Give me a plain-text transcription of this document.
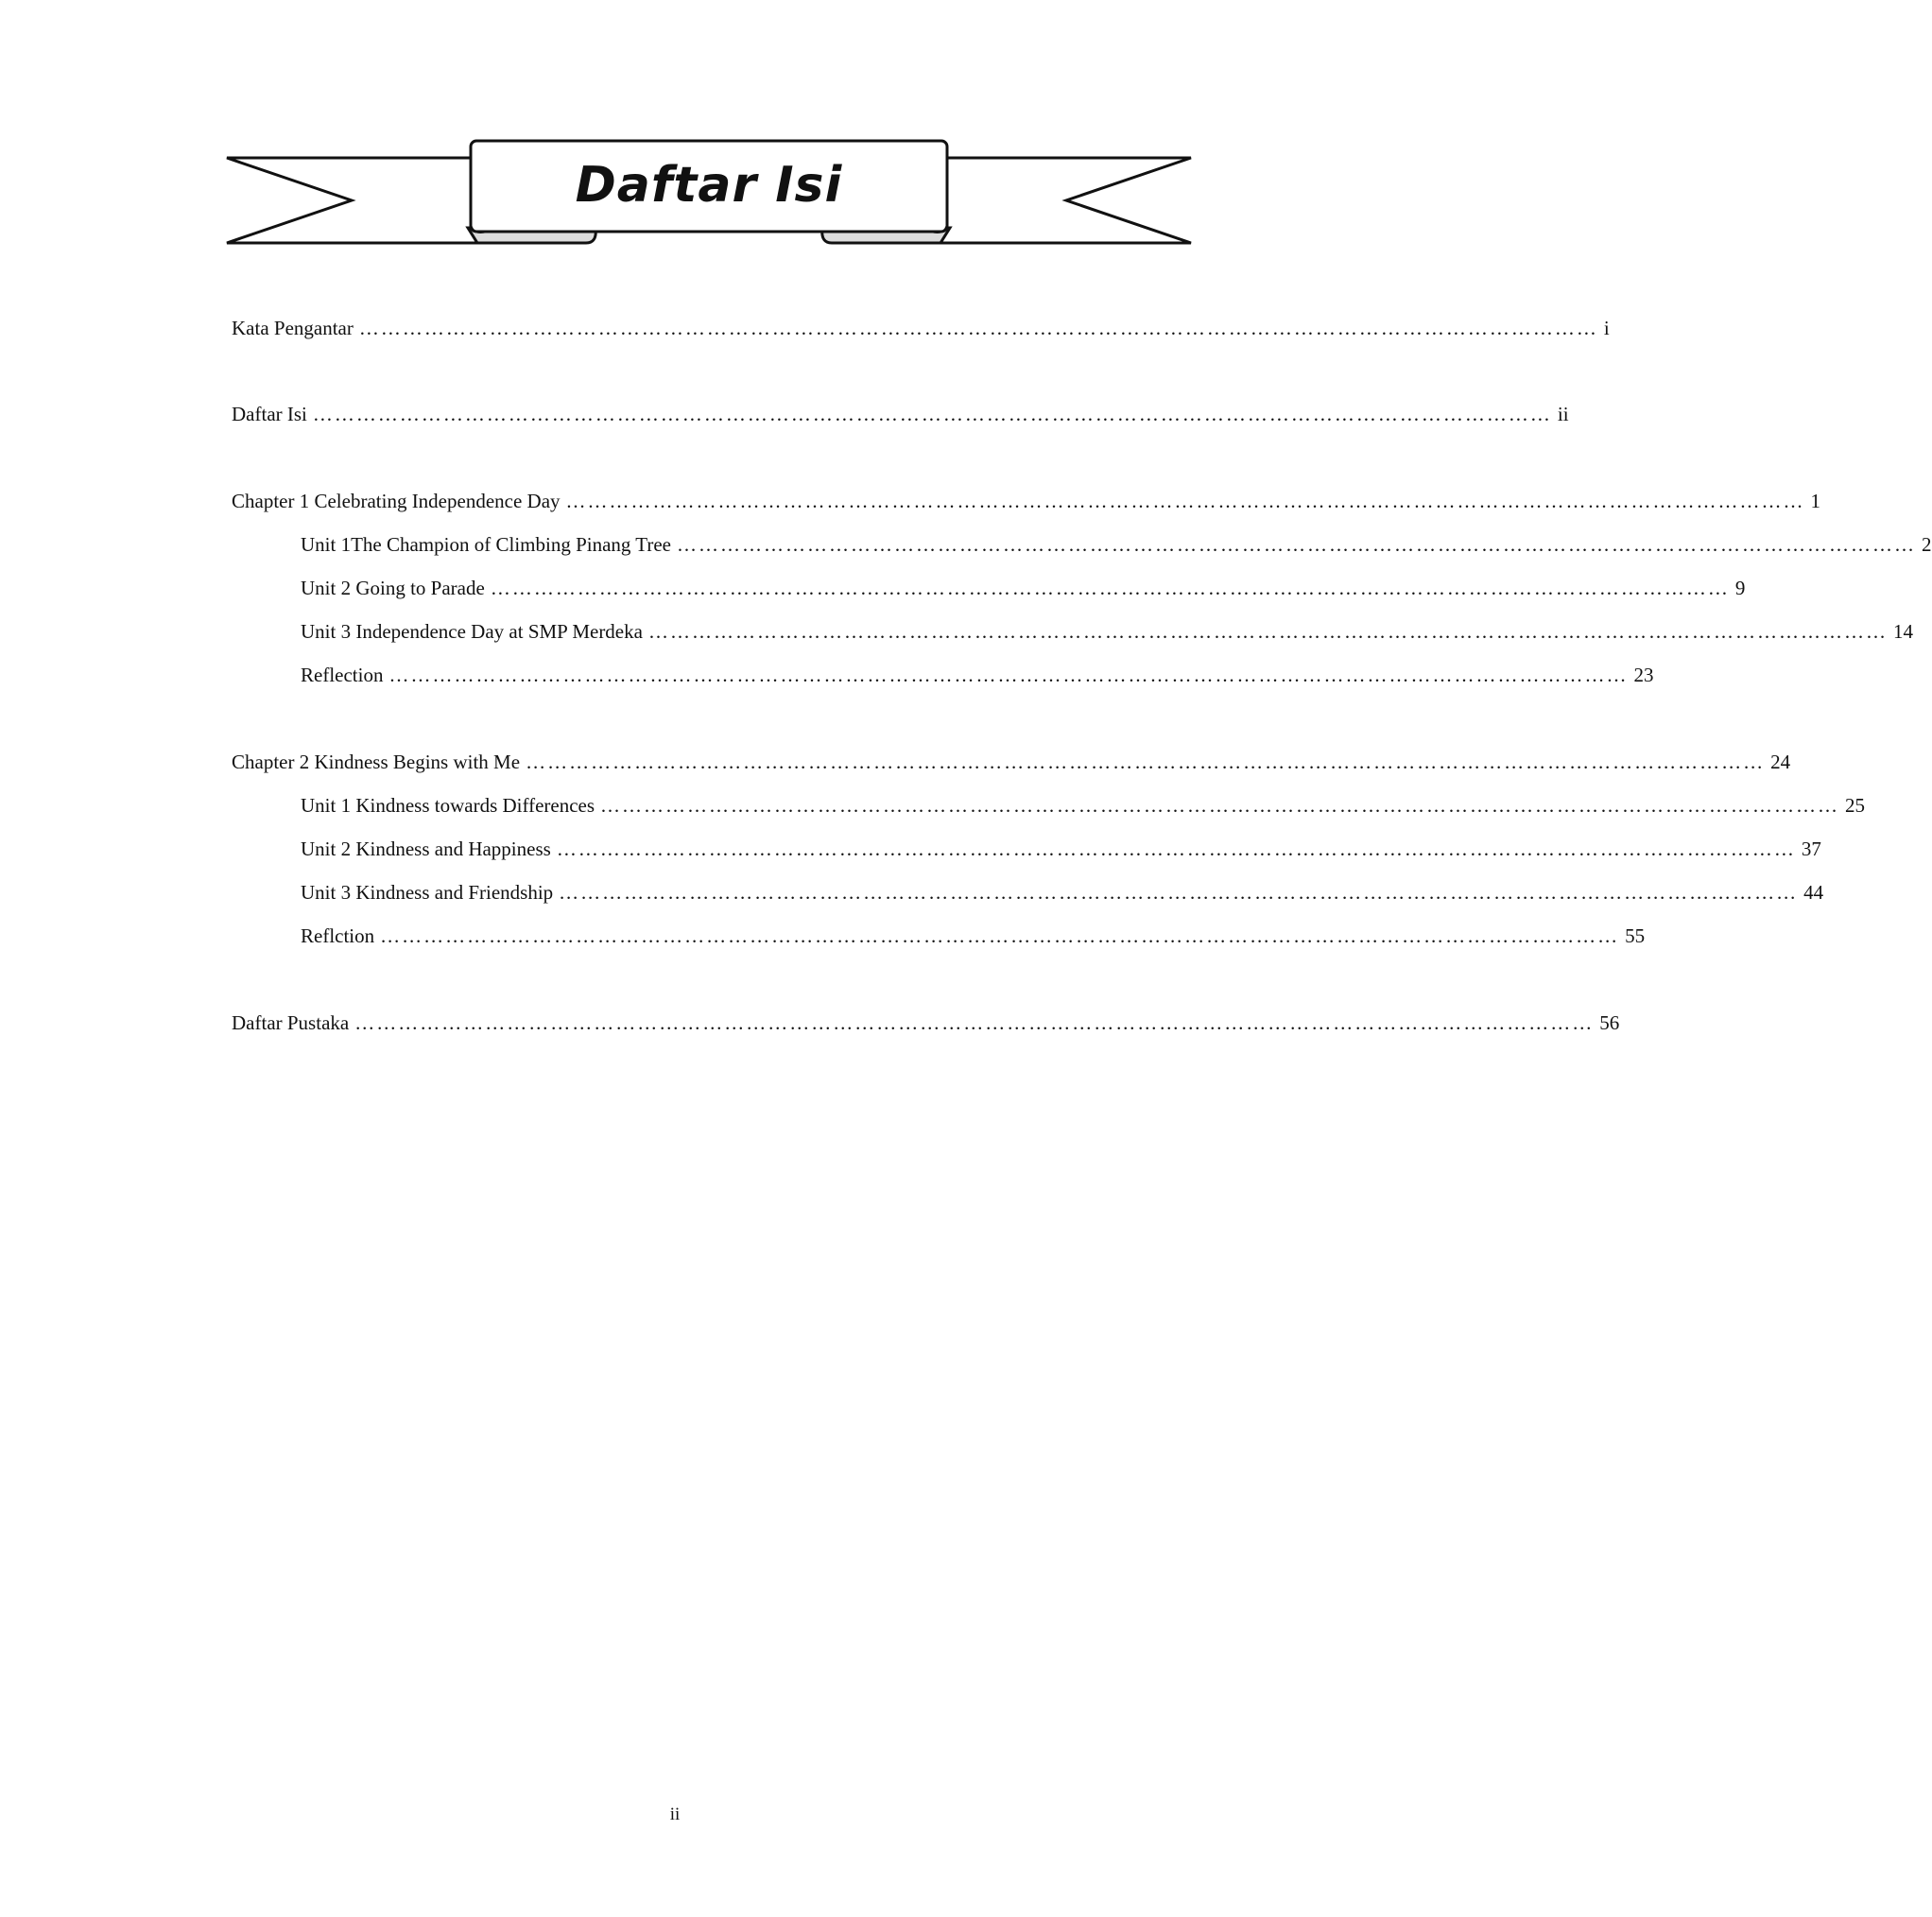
Daftar Isi
Kata Pengantar ……………………………………………………………………………………………………………………………………………………… i
Daftar Isi ……………………………………………………………………………………………………………………………………………………… ii
Chapter 1 Celebrating Independence Day ……………………………………………………………………………………………………………………………………………………… 1
Unit 1The Champion of Climbing Pinang Tree ……………………………………………………………………………………………………………………………………………………… 2
Unit 2 Going to Parade ……………………………………………………………………………………………………………………………………………………… 9
Unit 3 Independence Day at SMP Merdeka ……………………………………………………………………………………………………………………………………………………… 14
Reflection ……………………………………………………………………………………………………………………………………………………… 23
Chapter 2 Kindness Begins with Me ……………………………………………………………………………………………………………………………………………………… 24
Unit 1 Kindness towards Differences ……………………………………………………………………………………………………………………………………………………… 25
Unit 2 Kindness and Happiness ……………………………………………………………………………………………………………………………………………………… 37
Unit 3 Kindness and Friendship ……………………………………………………………………………………………………………………………………………………… 44
Reflction ……………………………………………………………………………………………………………………………………………………… 55
Daftar Pustaka ……………………………………………………………………………………………………………………………………………………… 56
ii
